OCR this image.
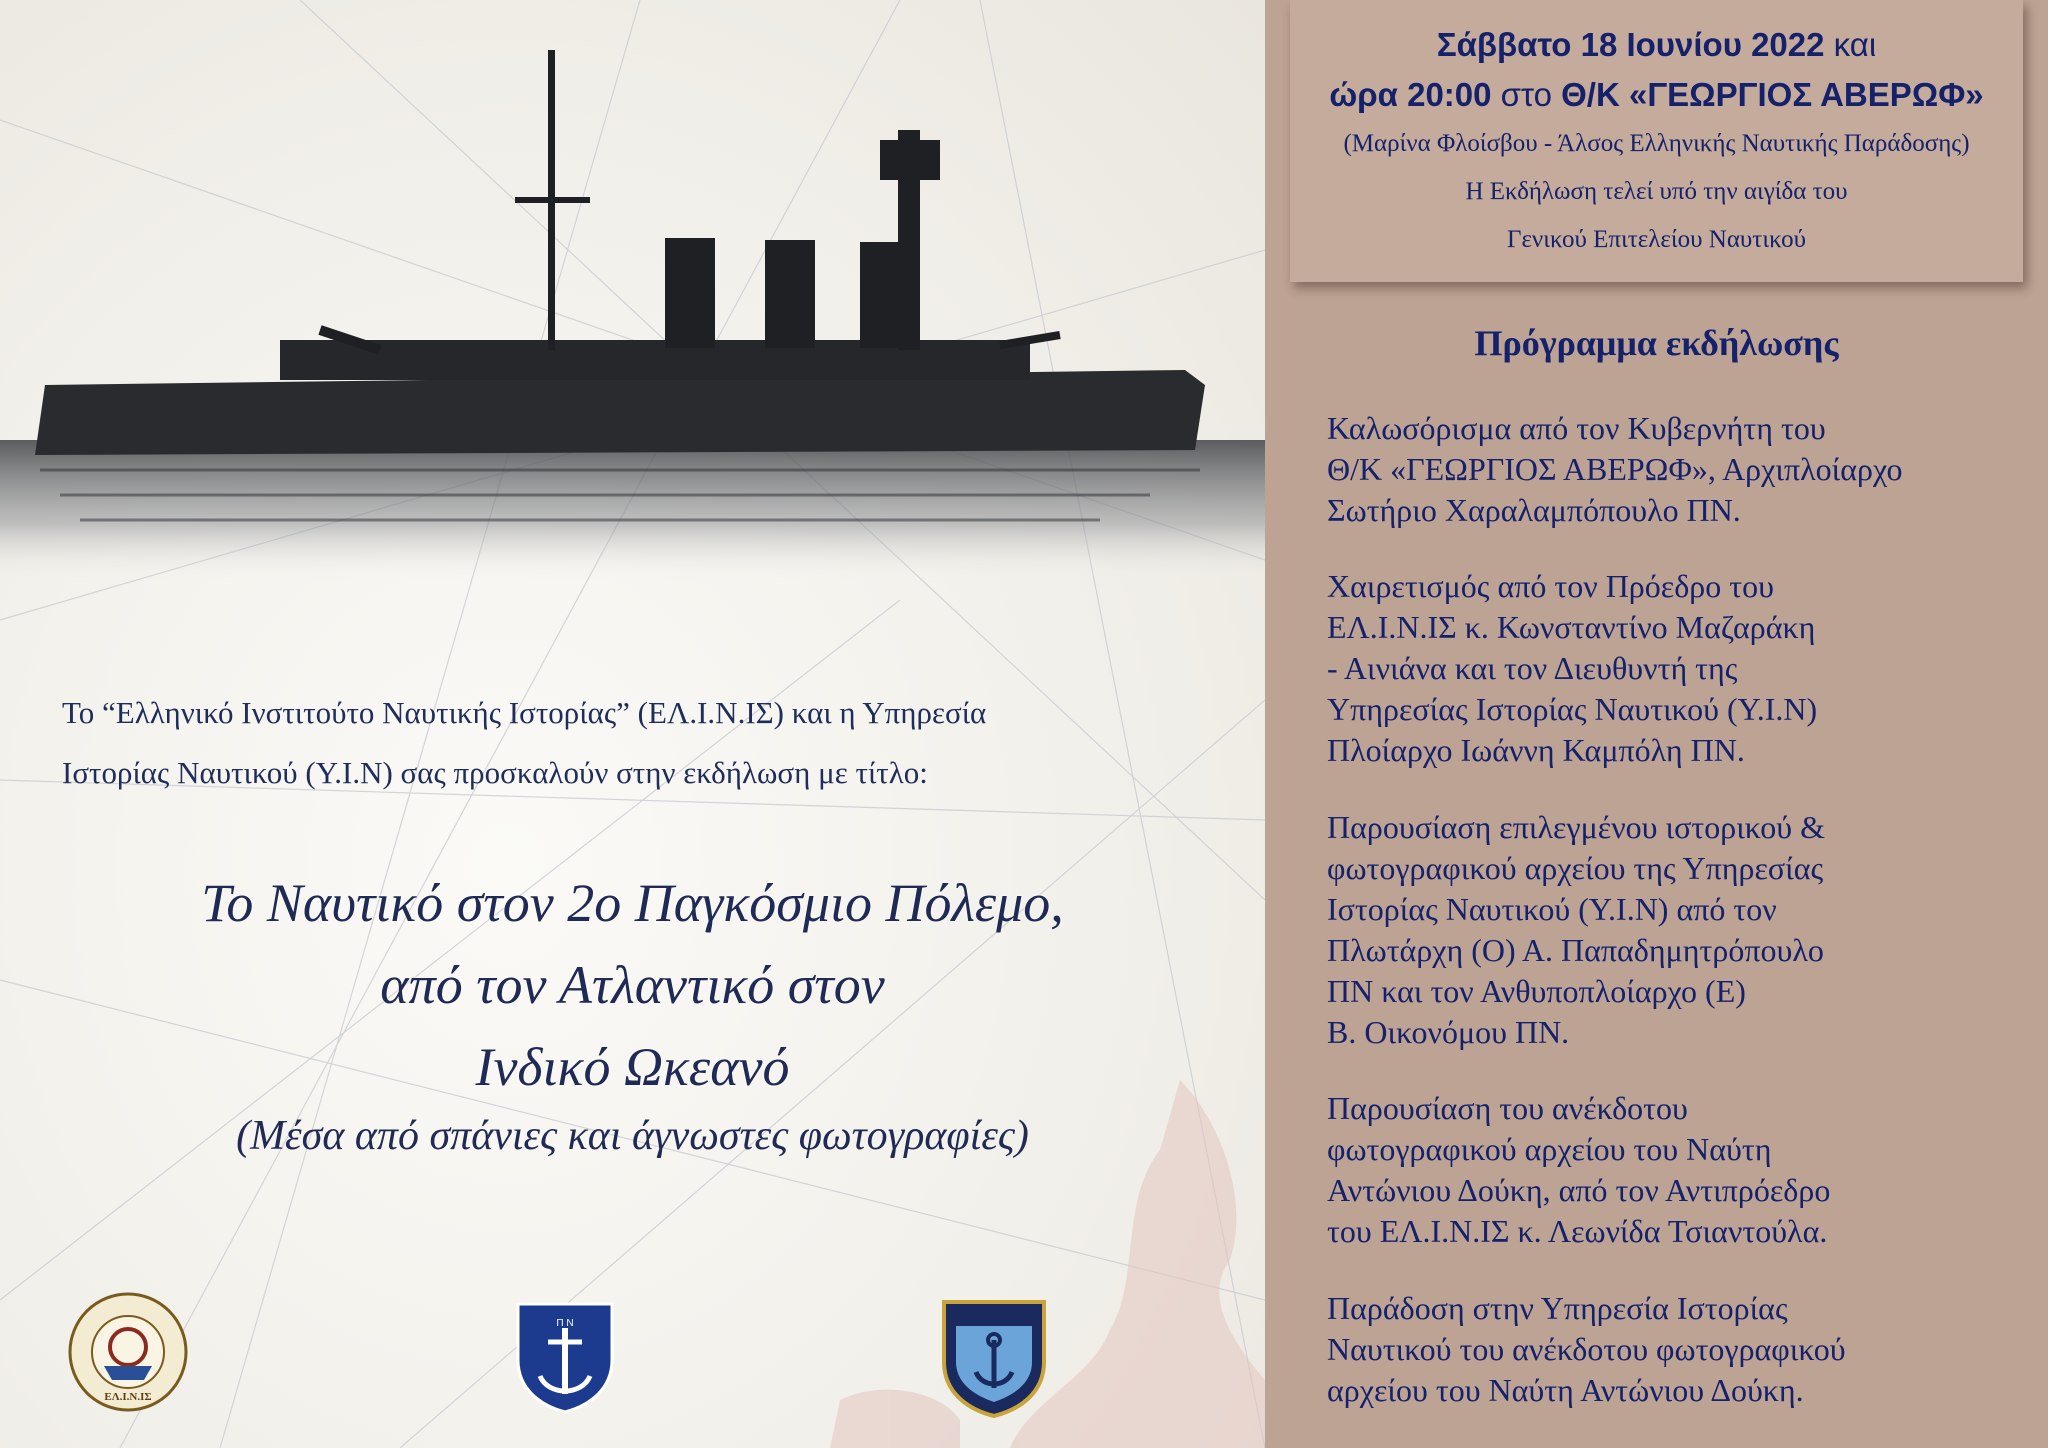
Το “Ελληνικό Ινστιτούτο Ναυτικής Ιστορίας” (ΕΛ.Ι.Ν.ΙΣ) και η Υπηρεσία
Ιστορίας Ναυτικού (Υ.Ι.Ν) σας προσκαλούν στην εκδήλωση με τίτλο:
Το Ναυτικό στον 2ο Παγκόσμιο Πόλεμο,
από τον Ατλαντικό στον
Ινδικό Ωκεανό
(Μέσα από σπάνιες και άγνωστες φωτογραφίες)
ΕΛ.Ι.Ν.ΙΣ
Π Ν
Σάββατο 18 Ιουνίου 2022 και
ώρα 20:00 στο Θ/Κ «ΓΕΩΡΓΙΟΣ ΑΒΕΡΩΦ»
(Μαρίνα Φλοίσβου - Άλσος Ελληνικής Ναυτικής Παράδοσης)
Η Εκδήλωση τελεί υπό την αιγίδα του
Γενικού Επιτελείου Ναυτικού
Πρόγραμμα εκδήλωσης
Καλωσόρισμα από τον Κυβερνήτη του
Θ/Κ «ΓΕΩΡΓΙΟΣ ΑΒΕΡΩΦ», Αρχιπλοίαρχο
Σωτήριο Χαραλαμπόπουλο ΠΝ.
Χαιρετισμός από τον Πρόεδρο του
ΕΛ.Ι.Ν.ΙΣ κ. Κωνσταντίνο Μαζαράκη
- Αινιάνα και τον Διευθυντή της
Υπηρεσίας Ιστορίας Ναυτικού (Υ.Ι.Ν)
Πλοίαρχο Ιωάννη Καμπόλη ΠΝ.
Παρουσίαση επιλεγμένου ιστορικού &
φωτογραφικού αρχείου της Υπηρεσίας
Ιστορίας Ναυτικού (Υ.Ι.Ν) από τον
Πλωτάρχη (Ο) Α. Παπαδημητρόπουλο
ΠΝ και τον Ανθυποπλοίαρχο (Ε)
Β. Οικονόμου ΠΝ.
Παρουσίαση του ανέκδοτου
φωτογραφικού αρχείου του Ναύτη
Αντώνιου Δούκη, από τον Αντιπρόεδρο
του ΕΛ.Ι.Ν.ΙΣ κ. Λεωνίδα Τσιαντούλα.
Παράδοση στην Υπηρεσία Ιστορίας
Ναυτικού του ανέκδοτου φωτογραφικού
αρχείου του Ναύτη Αντώνιου Δούκη.
